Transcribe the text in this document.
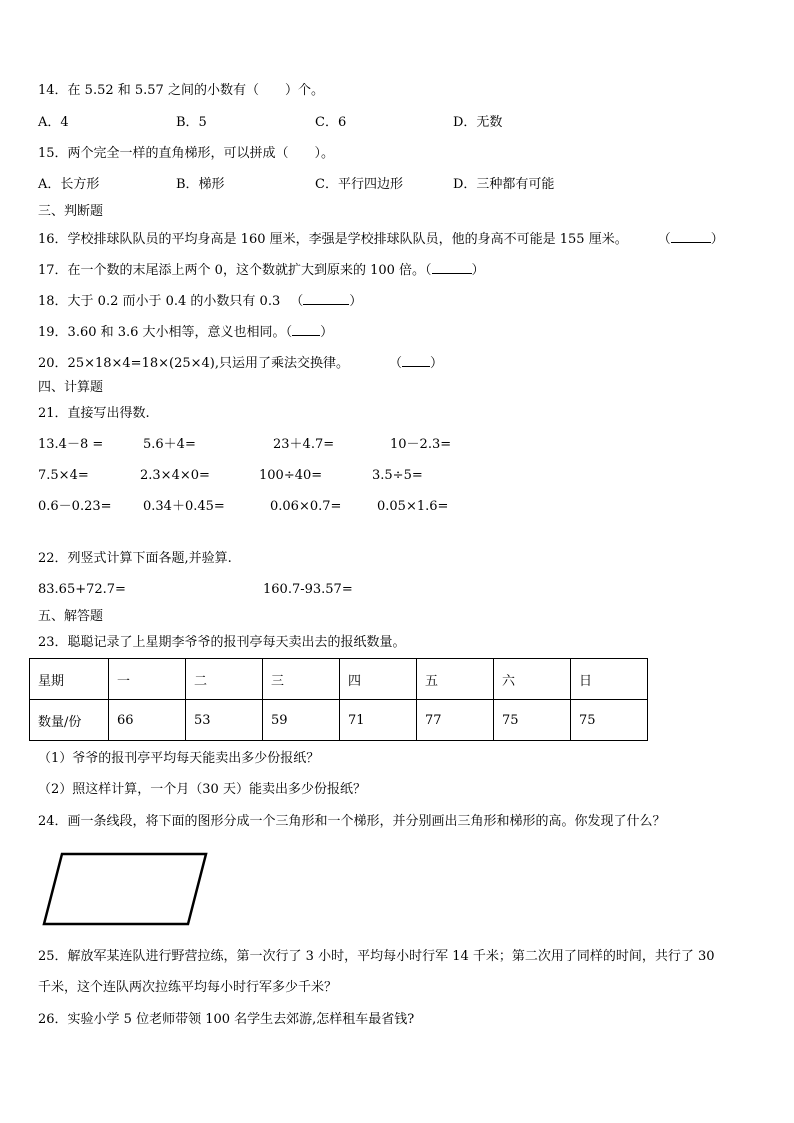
14．在 5.52 和 5.57 之间的小数有（　　）个。
A．4	B．5	C．6	D．无数
15．两个完全一样的直角梯形，可以拼成（　　）。
A．长方形	B．梯形	C．平行四边形	D．三种都有可能
三、判断题
16．学校排球队队员的平均身高是 160 厘米，李强是学校排球队队员，他的身高不可能是 155 厘米。 （	）
17．在一个数的末尾添上两个 0，这个数就扩大到原来的 100 倍。（	）
18．大于 0.2 而小于 0.4 的小数只有 0.3 （	）
19．3.60 和 3.6 大小相等，意义也相同。（ ）
20．25×18×4=18×(25×4),只运用了乘法交换律。	（ ）
四、计算题
21．直接写出得数.
13.4－8 =	5.6＋4=	23＋4.7=	10－2.3=
7.5×4=	2.3×4×0=	100÷40=	3.5÷5=
0.6－0.23= 0.34＋0.45=	0.06×0.7=	0.05×1.6=
22．列竖式计算下面各题,并验算.
83.65+72.7=	160.7-93.57=
五、解答题
23．聪聪记录了上星期李爷爷的报刊亭每天卖出去的报纸数量。
星期	一	二	三	四	五	六	日
数量/份	66	53	59	71	77	75	75
（1）爷爷的报刊亭平均每天能卖出多少份报纸？
（2）照这样计算，一个月（30 天）能卖出多少份报纸？
24．画一条线段，将下面的图形分成一个三角形和一个梯形，并分别画出三角形和梯形的高。你发现了什么？
25．解放军某连队进行野营拉练，第一次行了 3 小时，平均每小时行军 14 千米；第二次用了同样的时间，共行了 30
千米，这个连队两次拉练平均每小时行军多少千米？
26．实验小学 5 位老师带领 100 名学生去郊游,怎样租车最省钱?
